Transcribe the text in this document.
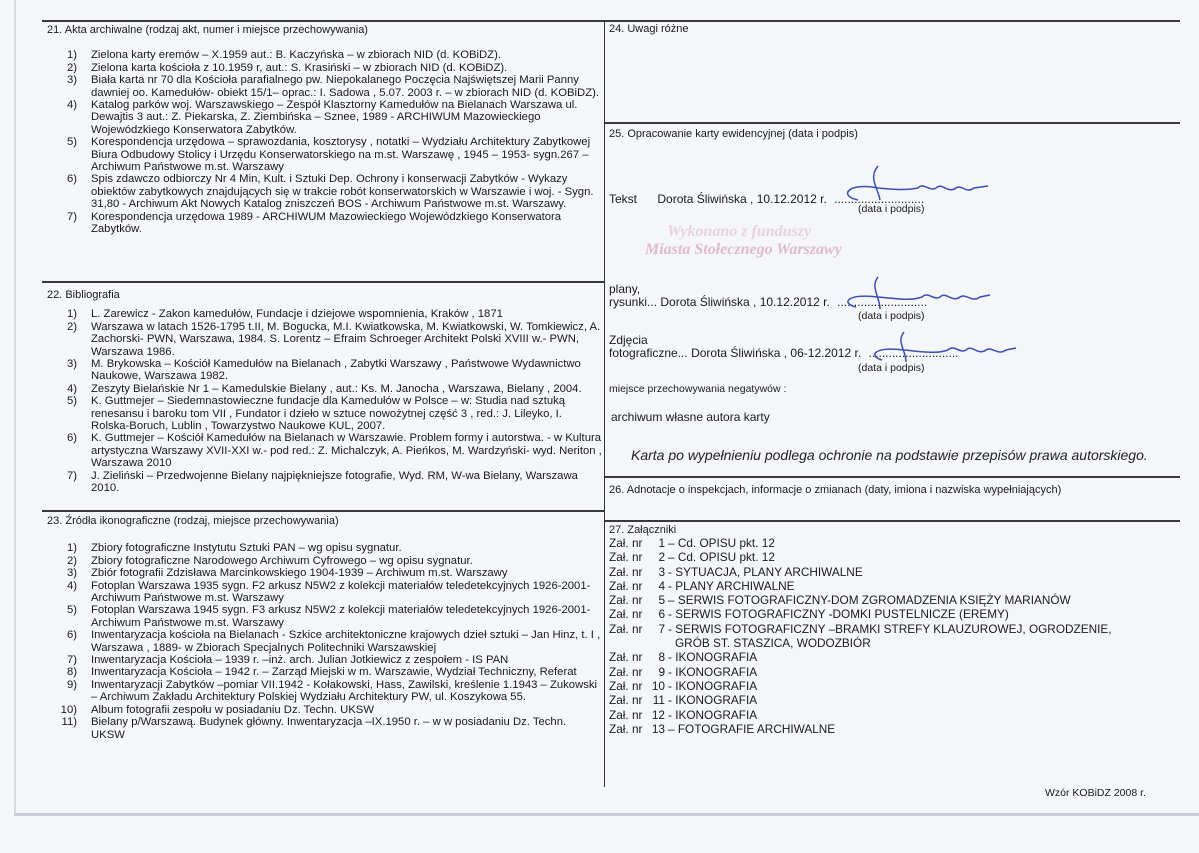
21. Akta archiwalne (rodzaj akt, numer i miejsce przechowywania)
1)	Zielona karty eremów – X.1959 aut.: B. Kaczyńska – w zbiorach NID (d. KOBiDZ).
2)	Zielona karta kościoła z 10.1959 r, aut.: S. Krasiński – w zbiorach NID (d. KOBiDZ).
3)	Biała karta nr 70 dla Kościoła parafialnego pw. Niepokalanego Poczęcia Najświętszej Marii Panny dawniej oo. Kamedułów- obiekt 15/1– oprac.: I. Sadowa , 5.07. 2003 r. – w zbiorach NID (d. KOBiDZ).
4)	Katalog parków woj. Warszawskiego – Zespół Klasztorny Kamedułów na Bielanach Warszawa ul. Dewajtis 3 aut.: Z. Piekarska, Z. Ziembińska – Sznee, 1989 - ARCHIWUM Mazowieckiego Wojewódzkiego Konserwatora Zabytków.
5)	Korespondencja urzędowa – sprawozdania, kosztorysy , notatki – Wydziału Architektury Zabytkowej Biura Odbudowy Stolicy i Urzędu Konserwatorskiego na m.st. Warszawę , 1945 – 1953- sygn.267 – Archiwum Państwowe m.st. Warszawy
6)	Spis zdawczo odbiorczy Nr 4 Min, Kult. i Sztuki Dep. Ochrony i konserwacji Zabytków - Wykazy obiektów zabytkowych znajdujących się w trakcie robót konserwatorskich w Warszawie i woj. - Sygn. 31,80 - Archiwum Akt Nowych Katalog zniszczeń BOS - Archiwum Państwowe m.st. Warszawy.
7)	Korespondencja urzędowa 1989 - ARCHIWUM Mazowieckiego Wojewódzkiego Konserwatora Zabytków.
22. Bibliografia
1)	L. Zarewicz - Zakon kamedułów, Fundacje i dziejowe wspomnienia, Kraków , 1871
2)	Warszawa w latach 1526-1795 t.II, M. Bogucka, M.I. Kwiatkowska, M. Kwiatkowski, W. Tomkiewicz, A. Zachorski- PWN, Warszawa, 1984. S. Lorentz – Efraim Schroeger Architekt Polski XVIII w.- PWN, Warszawa 1986.
3)	M. Brykowska – Kościół Kamedułów na Bielanach , Zabytki Warszawy , Państwowe Wydawnictwo Naukowe, Warszawa 1982.
4)	Zeszyty Bielańskie Nr 1 – Kamedulskie Bielany , aut.: Ks. M. Janocha , Warszawa, Bielany , 2004.
5)	K. Guttmejer – Siedemnastowieczne fundacje dla Kamedułów w Polsce – w: Studia nad sztuką renesansu i baroku tom VII , Fundator i dzieło w sztuce nowożytnej część 3 , red.: J. Lileyko, I. Rolska-Boruch, Lublin , Towarzystwo Naukowe KUL, 2007.
6)	K. Guttmejer – Kościół Kamedułów na Bielanach w Warszawie. Problem formy i autorstwa. - w Kultura artystyczna Warszawy XVII-XXI w.- pod red.: Z. Michalczyk, A. Pieńkos, M. Wardzyński- wyd. Neriton , Warszawa 2010
7)	J. Zieliński – Przedwojenne Bielany najpiękniejsze fotografie, Wyd. RM, W-wa Bielany, Warszawa 2010.
23. Źródła ikonograficzne (rodzaj, miejsce przechowywania)
1)	Zbiory fotograficzne Instytutu Sztuki PAN – wg opisu sygnatur.
2)	Zbiory fotograficzne Narodowego Archiwum Cyfrowego – wg opisu sygnatur.
3)	Zbiór fotografii Zdzisława Marcinkowskiego 1904-1939 – Archiwum m.st. Warszawy
4)	Fotoplan Warszawa 1935 sygn. F2 arkusz N5W2 z kolekcji materiałów teledetekcyjnych 1926-2001- Archiwum Państwowe m.st. Warszawy
5)	Fotoplan Warszawa 1945 sygn. F3 arkusz N5W2 z kolekcji materiałów teledetekcyjnych 1926-2001- Archiwum Państwowe m.st. Warszawy
6)	Inwentaryzacja kościoła na Bielanach - Szkice architektoniczne krajowych dzieł sztuki – Jan Hinz, t. I , Warszawa , 1889- w Zbiorach Specjalnych Politechniki Warszawskiej
7)	Inwentaryzacja Kościoła – 1939 r. –inż. arch. Julian Jotkiewicz z zespołem - IS PAN
8)	Inwentaryzacja Kościoła – 1942 r. – Zarząd Miejski w m. Warszawie, Wydział Techniczny, Referat
9)	Inwentaryzacji Zabytków –pomiar VII.1942 - Kołakowski, Hass, Zawilski, kreślenie 1.1943 – Zukowski – Archiwum Zakładu Architektury Polskiej Wydziału Architektury PW, ul. Koszykowa 55.
10)	Album fotografii zespołu w posiadaniu Dz. Techn. UKSW
11)	Bielany p/Warszawą. Budynek główny. Inwentaryzacja –IX.1950 r. – w w posiadaniu Dz. Techn. UKSW
24. Uwagi różne
25. Opracowanie karty ewidencyjnej (data i podpis)
Tekst Dorota Śliwińska , 10.12.2012 r. ...........................
(data i podpis)
Wykonano z funduszy
Miasta Stołecznego Warszawy
plany,
rysunki... Dorota Śliwińska , 10.12.2012 r. ...........................
(data i podpis)
Zdjęcia
fotograficzne... Dorota Śliwińska , 06-12.2012 r. ...........................
(data i podpis)
miejsce przechowywania negatywów :
archiwum własne autora karty
Karta po wypełnieniu podlega ochronie na podstawie przepisów prawa autorskiego.
26. Adnotacje o inspekcjach, informacje o zmianach (daty, imiona i nazwiska wypełniających)
27. Załączniki
Zał. nr 1 – Cd. OPISU pkt. 12
Zał. nr 2 – Cd. OPISU pkt. 12
Zał. nr 3 - SYTUACJA, PLANY ARCHIWALNE
Zał. nr 4 - PLANY ARCHIWALNE
Zał. nr 5 – SERWIS FOTOGRAFICZNY-DOM ZGROMADZENIA KSIĘŻY MARIANÓW
Zał. nr 6 - SERWIS FOTOGRAFICZNY -DOMKI PUSTELNICZE (EREMY)
Zał. nr 7 - SERWIS FOTOGRAFICZNY –BRAMKI STREFY KLAUZUROWEJ, OGRODZENIE,
GRÓB ST. STASZICA, WODOZBIÓR
Zał. nr 8 - IKONOGRAFIA
Zał. nr 9 - IKONOGRAFIA
Zał. nr 10 - IKONOGRAFIA
Zał. nr 11 - IKONOGRAFIA
Zał. nr 12 - IKONOGRAFIA
Zał. nr 13 – FOTOGRAFIE ARCHIWALNE
Wzór KOBiDZ 2008 r.
